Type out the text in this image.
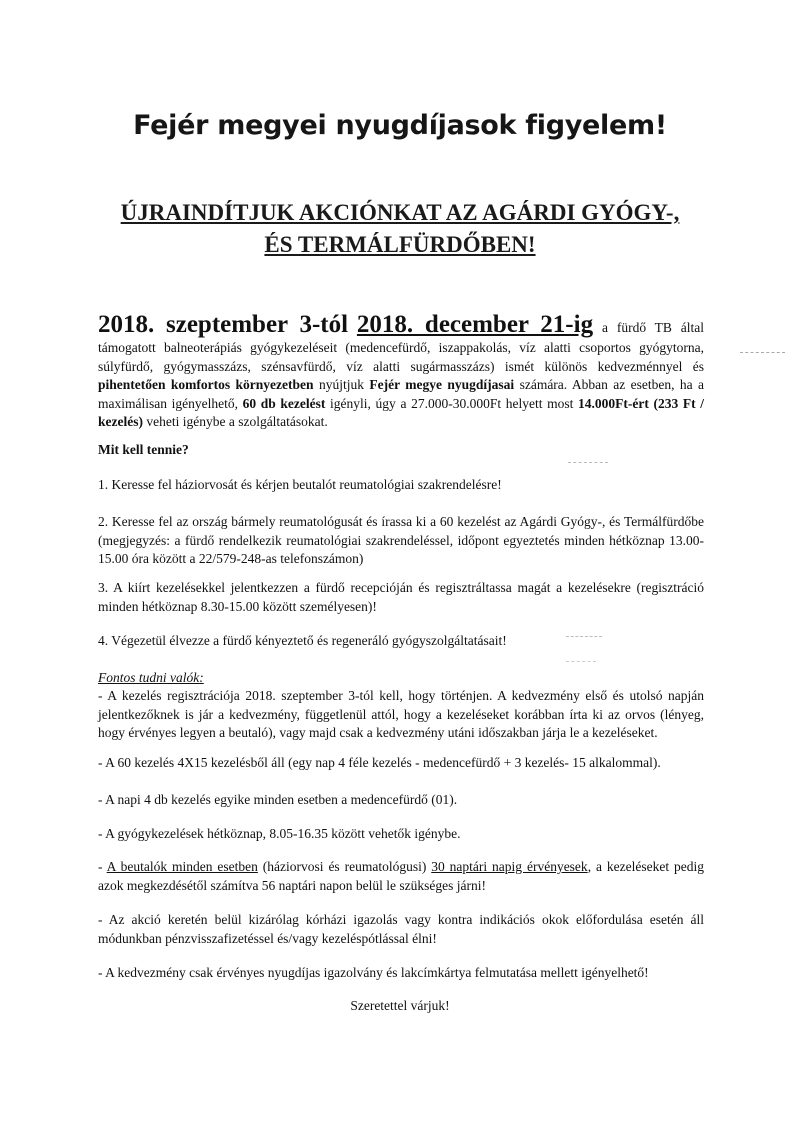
Fejér megyei nyugdíjasok figyelem!
ÚJRAINDÍTJUK AKCIÓNKAT AZ AGÁRDI GYÓGY-,
ÉS TERMÁLFÜRDŐBEN!
2018. szeptember 3-tól 2018. december 21-ig a fürdő TB által támogatott balneoterápiás gyógykezeléseit (medencefürdő, iszappakolás, víz alatti csoportos gyógytorna, súlyfürdő, gyógymasszázs, szénsavfürdő, víz alatti sugármasszázs) ismét különös kedvezménnyel és pihentetően komfortos környezetben nyújtjuk Fejér megye nyugdíjasai számára. Abban az esetben, ha a maximálisan igényelhető, 60 db kezelést igényli, úgy a 27.000-30.000Ft helyett most 14.000Ft-ért (233 Ft / kezelés) veheti igénybe a szolgáltatásokat.
Mit kell tennie?
1. Keresse fel háziorvosát és kérjen beutalót reumatológiai szakrendelésre!
2. Keresse fel az ország bármely reumatológusát és írassa ki a 60 kezelést az Agárdi Gyógy-, és Termálfürdőbe (megjegyzés: a fürdő rendelkezik reumatológiai szakrendeléssel, időpont egyeztetés minden hétköznap 13.00-15.00 óra között a 22/579-248-as telefonszámon)
3. A kiírt kezelésekkel jelentkezzen a fürdő recepcióján és regisztráltassa magát a kezelésekre (regisztráció minden hétköznap 8.30-15.00 között személyesen)!
4. Végezetül élvezze a fürdő kényeztető és regeneráló gyógyszolgáltatásait!
Fontos tudni valók:
- A kezelés regisztrációja 2018. szeptember 3-tól kell, hogy történjen. A kedvezmény első és utolsó napján jelentkezőknek is jár a kedvezmény, függetlenül attól, hogy a kezeléseket korábban írta ki az orvos (lényeg, hogy érvényes legyen a beutaló), vagy majd csak a kedvezmény utáni időszakban járja le a kezeléseket.
- A 60 kezelés 4X15 kezelésből áll (egy nap 4 féle kezelés - medencefürdő + 3 kezelés- 15 alkalommal).
- A napi 4 db kezelés egyike minden esetben a medencefürdő (01).
- A gyógykezelések hétköznap, 8.05-16.35 között vehetők igénybe.
- A beutalók minden esetben (háziorvosi és reumatológusi) 30 naptári napig érvényesek, a kezeléseket pedig azok megkezdésétől számítva 56 naptári napon belül le szükséges járni!
- Az akció keretén belül kizárólag kórházi igazolás vagy kontra indikációs okok előfordulása esetén áll módunkban pénzvisszafizetéssel és/vagy kezeléspótlással élni!
- A kedvezmény csak érvényes nyugdíjas igazolvány és lakcímkártya felmutatása mellett igényelhető!
Szeretettel várjuk!
